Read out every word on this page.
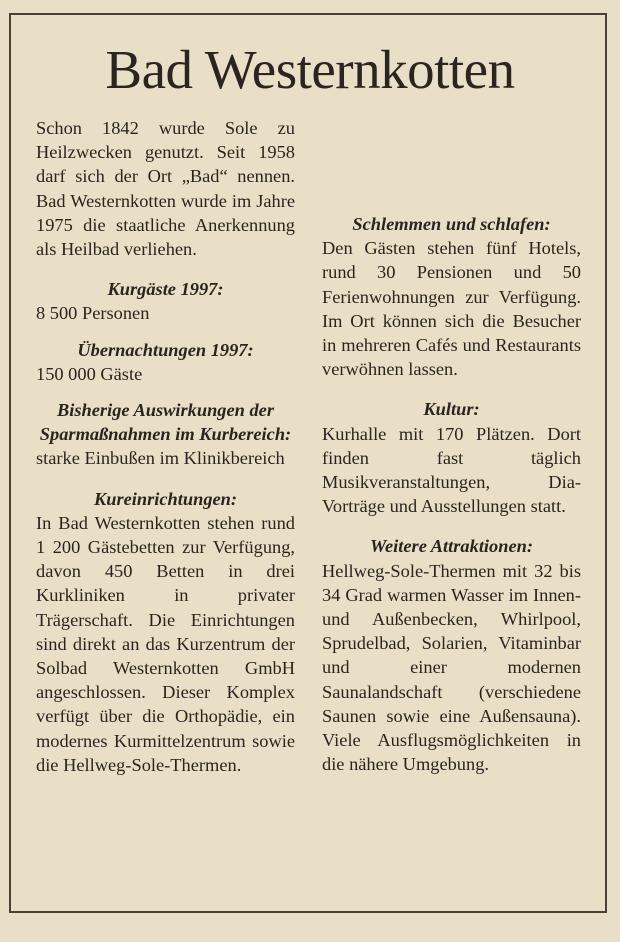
Bad Westernkotten

Schon 1842 wurde Sole zu Heilzwecken genutzt. Seit 1958 darf sich der Ort „Bad“ nennen. Bad Westernkotten wurde im Jahre 1975 die staatliche Anerkennung als Heilbad verliehen.

Kurgäste 1997:

8 500 Personen

Übernachtungen 1997:

150 000 Gäste

Bisherige Auswirkungen der Sparmaßnahmen im Kurbereich:

starke Einbußen im Klinikbereich

Kureinrichtungen:

In Bad Westernkotten stehen rund 1 200 Gästebetten zur Verfügung, davon 450 Betten in drei Kurkliniken in privater Trägerschaft. Die Einrichtungen sind direkt an das Kurzentrum der Solbad Westernkotten GmbH angeschlossen. Dieser Komplex verfügt über die Orthopädie, ein modernes Kurmittelzentrum sowie die Hellweg-Sole-Thermen.

Schlemmen und schlafen:

Den Gästen stehen fünf Hotels, rund 30 Pensionen und 50 Ferienwohnungen zur Verfügung. Im Ort können sich die Besucher in mehreren Cafés und Restaurants verwöhnen lassen.

Kultur:

Kurhalle mit 170 Plätzen. Dort finden fast täglich Musikveranstaltungen, Dia-Vorträge und Ausstellungen statt.

Weitere Attraktionen:

Hellweg-Sole-Thermen mit 32 bis 34 Grad warmen Wasser im Innen- und Außenbecken, Whirlpool, Sprudelbad, Solarien, Vitaminbar und einer modernen Saunalandschaft (verschiedene Saunen sowie eine Außensauna). Viele Ausflugsmöglichkeiten in die nähere Umgebung.
